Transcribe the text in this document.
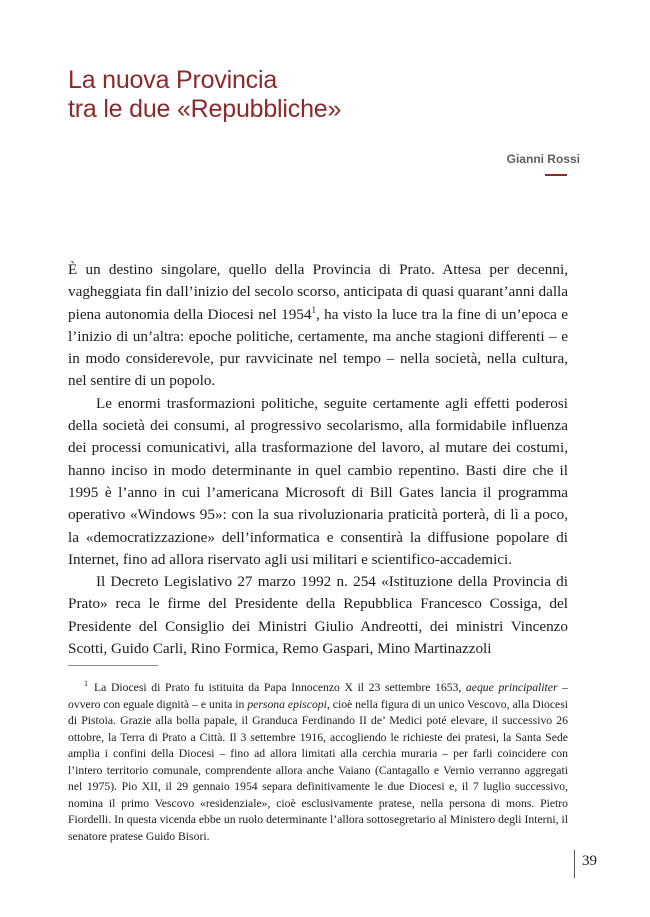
La nuova Provincia
tra le due «Repubbliche»
Gianni Rossi

È un destino singolare, quello della Provincia di Prato. Attesa per decenni, vagheggiata fin dall’inizio del secolo scorso, anticipata di quasi quarant’anni dalla piena autonomia della Diocesi nel 1954$^1$, ha visto la luce tra la fine di un’epoca e l’inizio di un’altra: epoche politiche, certamente, ma anche stagioni differenti – e in modo considerevole, pur ravvicinate nel tempo – nella società, nella cultura, nel sentire di un popolo.

Le enormi trasformazioni politiche, seguite certamente agli effetti poderosi della società dei consumi, al progressivo secolarismo, alla formidabile influenza dei processi comunicativi, alla trasformazione del lavoro, al mutare dei costumi, hanno inciso in modo determinante in quel cambio repentino. Basti dire che il 1995 è l’anno in cui l’americana Microsoft di Bill Gates lancia il programma operativo «Windows 95»: con la sua rivoluzionaria praticità porterà, di lì a poco, la «democratizzazione» dell’informatica e consentirà la diffusione popolare di Internet, fino ad allora riservato agli usi militari e scientifico-accademici.

Il Decreto Legislativo 27 marzo 1992 n. 254 «Istituzione della Provincia di Prato» reca le firme del Presidente della Repubblica Francesco Cossiga, del Presidente del Consiglio dei Ministri Giulio Andreotti, dei ministri Vincenzo Scotti, Guido Carli, Rino Formica, Remo Gaspari, Mino Martinazzoli

$^1$ La Diocesi di Prato fu istituita da Papa Innocenzo X il 23 settembre 1653, aeque principaliter – ovvero con eguale dignità – e unita in persona episcopi, cioè nella figura di un unico Vescovo, alla Diocesi di Pistoia. Grazie alla bolla papale, il Granduca Ferdinando II de’ Medici poté elevare, il successivo 26 ottobre, la Terra di Prato a Città. Il 3 settembre 1916, accogliendo le richieste dei pratesi, la Santa Sede amplia i confini della Diocesi – fino ad allora limitati alla cerchia muraria – per farli coincidere con l’intero territorio comunale, comprendente allora anche Vaiano (Cantagallo e Vernio verranno aggregati nel 1975). Pio XII, il 29 gennaio 1954 separa definitivamente le due Diocesi e, il 7 luglio successivo, nomina il primo Vescovo «residenziale», cioè esclusivamente pratese, nella persona di mons. Pietro Fiordelli. In questa vicenda ebbe un ruolo determinante l’allora sottosegretario al Ministero degli Interni, il senatore pratese Guido Bisori.

39
